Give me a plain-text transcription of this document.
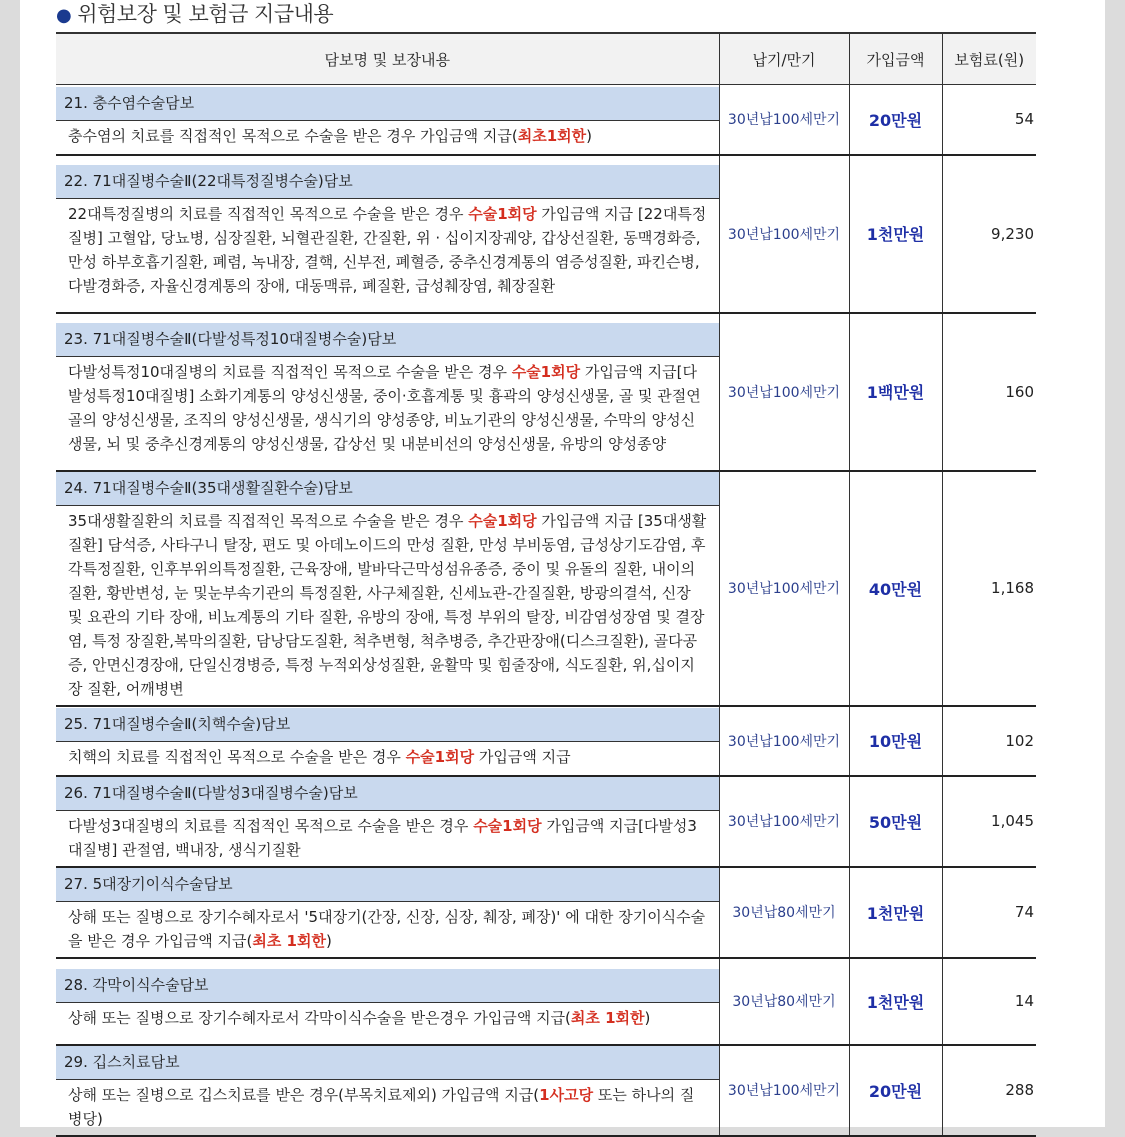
● 위험보장 및 보험금 지급내용
담보명 및 보장내용	납기/만기	가입금액	보험료(원)

21. 충수염수술담보
충수염의 치료를 직접적인 목적으로 수술을 받은 경우 가입금액 지급(최초1회한)	30년납100세만기	20만원	54

22. 71대질병수술Ⅱ(22대특정질병수술)담보
22대특정질병의 치료를 직접적인 목적으로 수술을 받은 경우 수술1회당 가입금액 지급 [22대특정질병] 고혈압, 당뇨병, 심장질환, 뇌혈관질환, 간질환, 위 · 십이지장궤양, 갑상선질환, 동맥경화증, 만성 하부호흡기질환, 폐렴, 녹내장, 결핵, 신부전, 폐혈증, 중추신경계통의 염증성질환, 파킨슨병, 다발경화증, 자율신경계통의 장애, 대동맥류, 폐질환, 급성췌장염, 췌장질환	30년납100세만기	1천만원	9,230

23. 71대질병수술Ⅱ(다발성특정10대질병수술)담보
다발성특정10대질병의 치료를 직접적인 목적으로 수술을 받은 경우 수술1회당 가입금액 지급[다발성특정10대질병] 소화기계통의 양성신생물, 중이·호흡계통 및 흉곽의 양성신생물, 골 및 관절연골의 양성신생물, 조직의 양성신생물, 생식기의 양성종양, 비뇨기관의 양성신생물, 수막의 양성신생물, 뇌 및 중추신경계통의 양성신생물, 갑상선 및 내분비선의 양성신생물, 유방의 양성종양	30년납100세만기	1백만원	160

24. 71대질병수술Ⅱ(35대생활질환수술)담보
35대생활질환의 치료를 직접적인 목적으로 수술을 받은 경우 수술1회당 가입금액 지급 [35대생활질환] 담석증, 사타구니 탈장, 편도 및 아데노이드의 만성 질환, 만성 부비동염, 급성상기도감염, 후각특정질환, 인후부위의특정질환, 근육장애, 발바닥근막성섬유종증, 중이 및 유돌의 질환, 내이의 질환, 황반변성, 눈 및눈부속기관의 특정질환, 사구체질환, 신세뇨관-간질질환, 방광의결석, 신장 및 요관의 기타 장애, 비뇨계통의 기타 질환, 유방의 장애, 특정 부위의 탈장, 비감염성장염 및 결장염, 특정 장질환,복막의질환, 담낭담도질환, 척추변형, 척추병증, 추간판장애(디스크질환), 골다공증, 안면신경장애, 단일신경병증, 특정 누적외상성질환, 윤활막 및 힘줄장애, 식도질환, 위,십이지장 질환, 어깨병변	30년납100세만기	40만원	1,168

25. 71대질병수술Ⅱ(치핵수술)담보
치핵의 치료를 직접적인 목적으로 수술을 받은 경우 수술1회당 가입금액 지급	30년납100세만기	10만원	102

26. 71대질병수술Ⅱ(다발성3대질병수술)담보
다발성3대질병의 치료를 직접적인 목적으로 수술을 받은 경우 수술1회당 가입금액 지급[다발성3대질병] 관절염, 백내장, 생식기질환	30년납100세만기	50만원	1,045

27. 5대장기이식수술담보
상해 또는 질병으로 장기수혜자로서 '5대장기(간장, 신장, 심장, 췌장, 폐장)' 에 대한 장기이식수술을 받은 경우 가입금액 지급(최초 1회한)	30년납80세만기	1천만원	74

28. 각막이식수술담보
상해 또는 질병으로 장기수혜자로서 각막이식수술을 받은경우 가입금액 지급(최초 1회한)	30년납80세만기	1천만원	14

29. 깁스치료담보
상해 또는 질병으로 깁스치료를 받은 경우(부목치료제외) 가입금액 지급(1사고당 또는 하나의 질병당)	30년납100세만기	20만원	288
